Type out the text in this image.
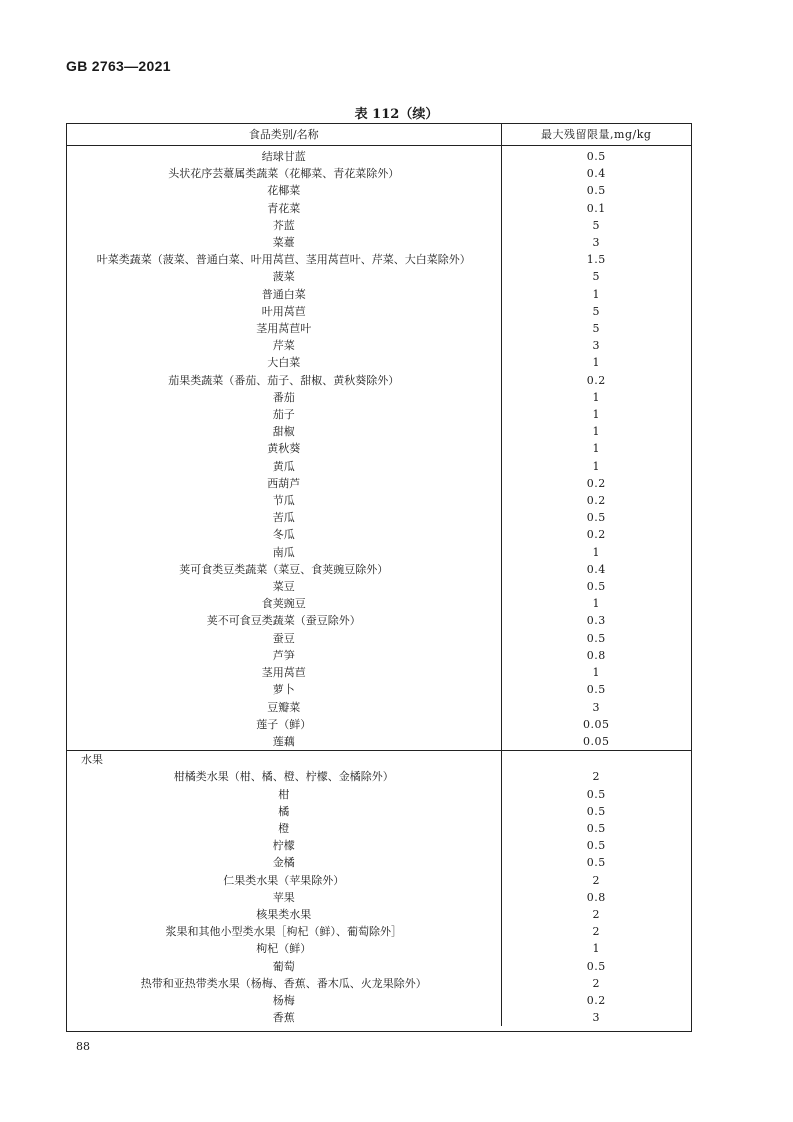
GB 2763—2021
表 112（续）
食品类别/名称	最大残留限量,mg/kg
结球甘蓝	0.5
头状花序芸薹属类蔬菜（花椰菜、青花菜除外）	0.4
花椰菜	0.5
青花菜	0.1
芥蓝	5
菜薹	3
叶菜类蔬菜（菠菜、普通白菜、叶用莴苣、茎用莴苣叶、芹菜、大白菜除外）	1.5
菠菜	5
普通白菜	1
叶用莴苣	5
茎用莴苣叶	5
芹菜	3
大白菜	1
茄果类蔬菜（番茄、茄子、甜椒、黄秋葵除外）	0.2
番茄	1
茄子	1
甜椒	1
黄秋葵	1
黄瓜	1
西葫芦	0.2
节瓜	0.2
苦瓜	0.5
冬瓜	0.2
南瓜	1
荚可食类豆类蔬菜（菜豆、食荚豌豆除外）	0.4
菜豆	0.5
食荚豌豆	1
荚不可食豆类蔬菜（蚕豆除外）	0.3
蚕豆	0.5
芦笋	0.8
茎用莴苣	1
萝卜	0.5
豆瓣菜	3
莲子（鲜）	0.05
莲藕	0.05
水果	
柑橘类水果（柑、橘、橙、柠檬、金橘除外）	2
柑	0.5
橘	0.5
橙	0.5
柠檬	0.5
金橘	0.5
仁果类水果（苹果除外）	2
苹果	0.8
核果类水果	2
浆果和其他小型类水果［枸杞（鲜）、葡萄除外］	2
枸杞（鲜）	1
葡萄	0.5
热带和亚热带类水果（杨梅、香蕉、番木瓜、火龙果除外）	2
杨梅	0.2
香蕉	3
88
